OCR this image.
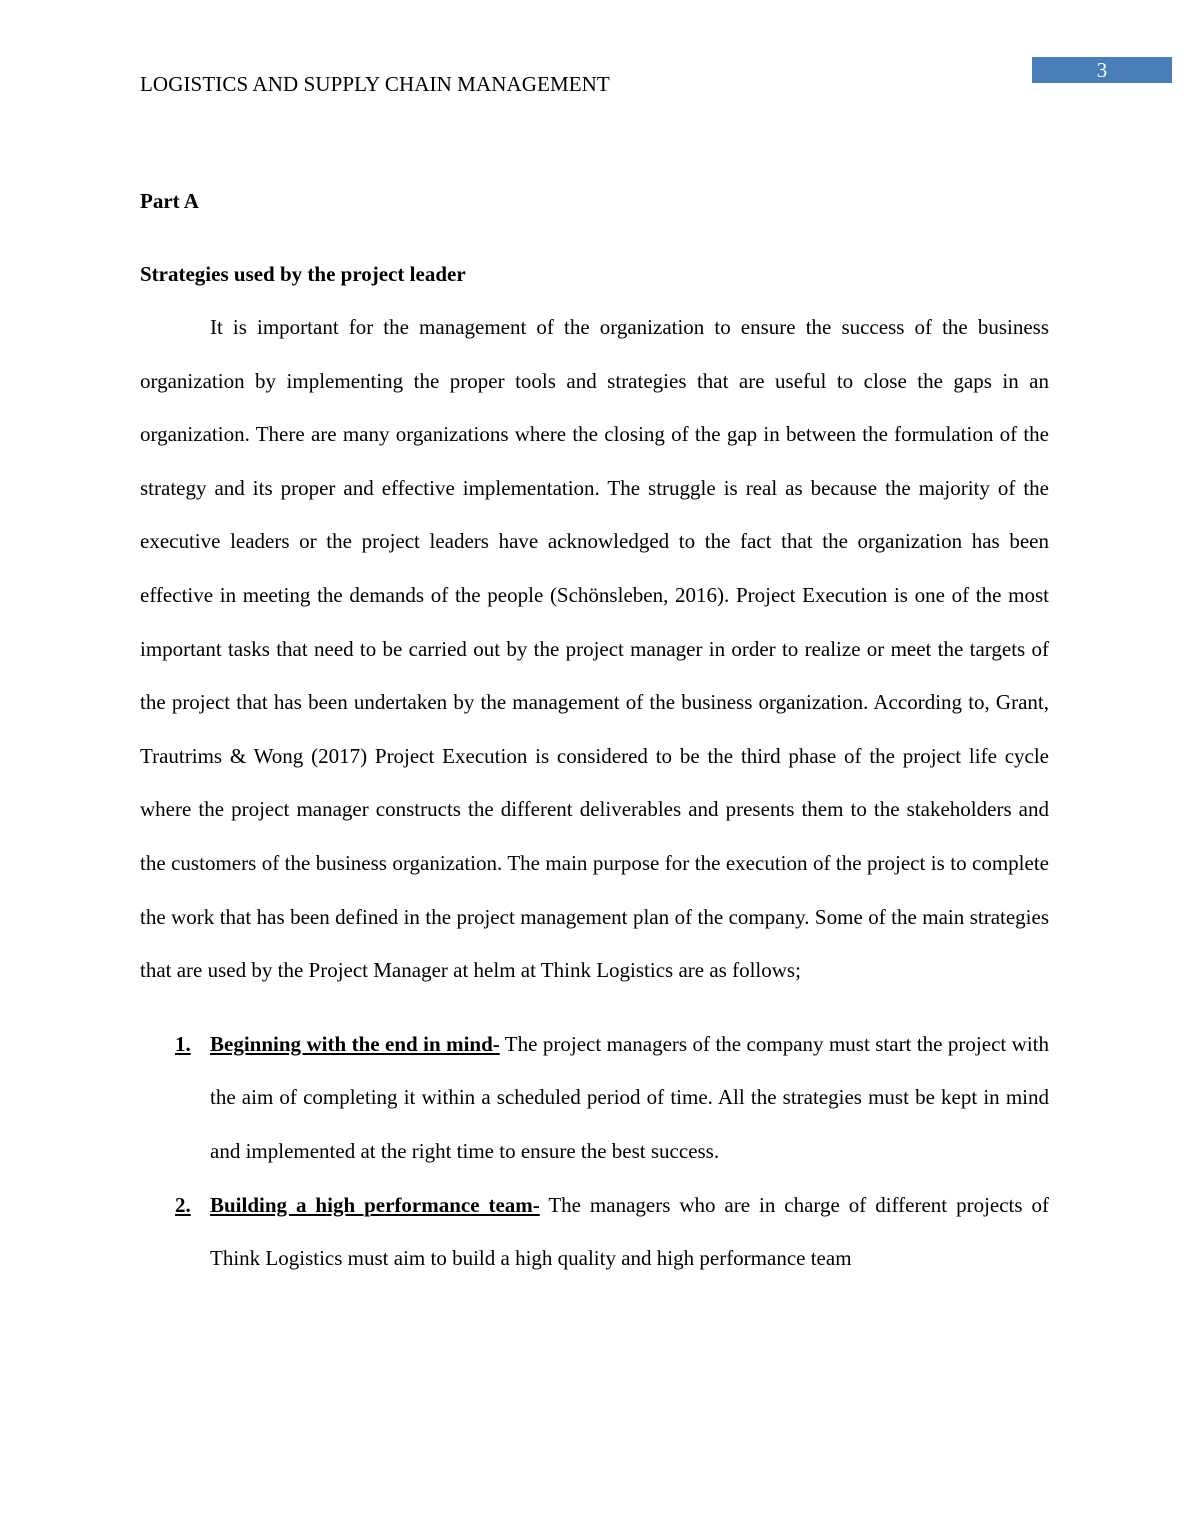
3
LOGISTICS AND SUPPLY CHAIN MANAGEMENT

Part A

Strategies used by the project leader

It is important for the management of the organization to ensure the success of the business organization by implementing the proper tools and strategies that are useful to close the gaps in an organization. There are many organizations where the closing of the gap in between the formulation of the strategy and its proper and effective implementation. The struggle is real as because the majority of the executive leaders or the project leaders have acknowledged to the fact that the organization has been effective in meeting the demands of the people (Schönsleben, 2016). Project Execution is one of the most important tasks that need to be carried out by the project manager in order to realize or meet the targets of the project that has been undertaken by the management of the business organization. According to, Grant, Trautrims & Wong (2017) Project Execution is considered to be the third phase of the project life cycle where the project manager constructs the different deliverables and presents them to the stakeholders and the customers of the business organization. The main purpose for the execution of the project is to complete the work that has been defined in the project management plan of the company. Some of the main strategies that are used by the Project Manager at helm at Think Logistics are as follows;

1. Beginning with the end in mind- The project managers of the company must start the project with the aim of completing it within a scheduled period of time. All the strategies must be kept in mind and implemented at the right time to ensure the best success.
2. Building a high performance team- The managers who are in charge of different projects of Think Logistics must aim to build a high quality and high performance team
